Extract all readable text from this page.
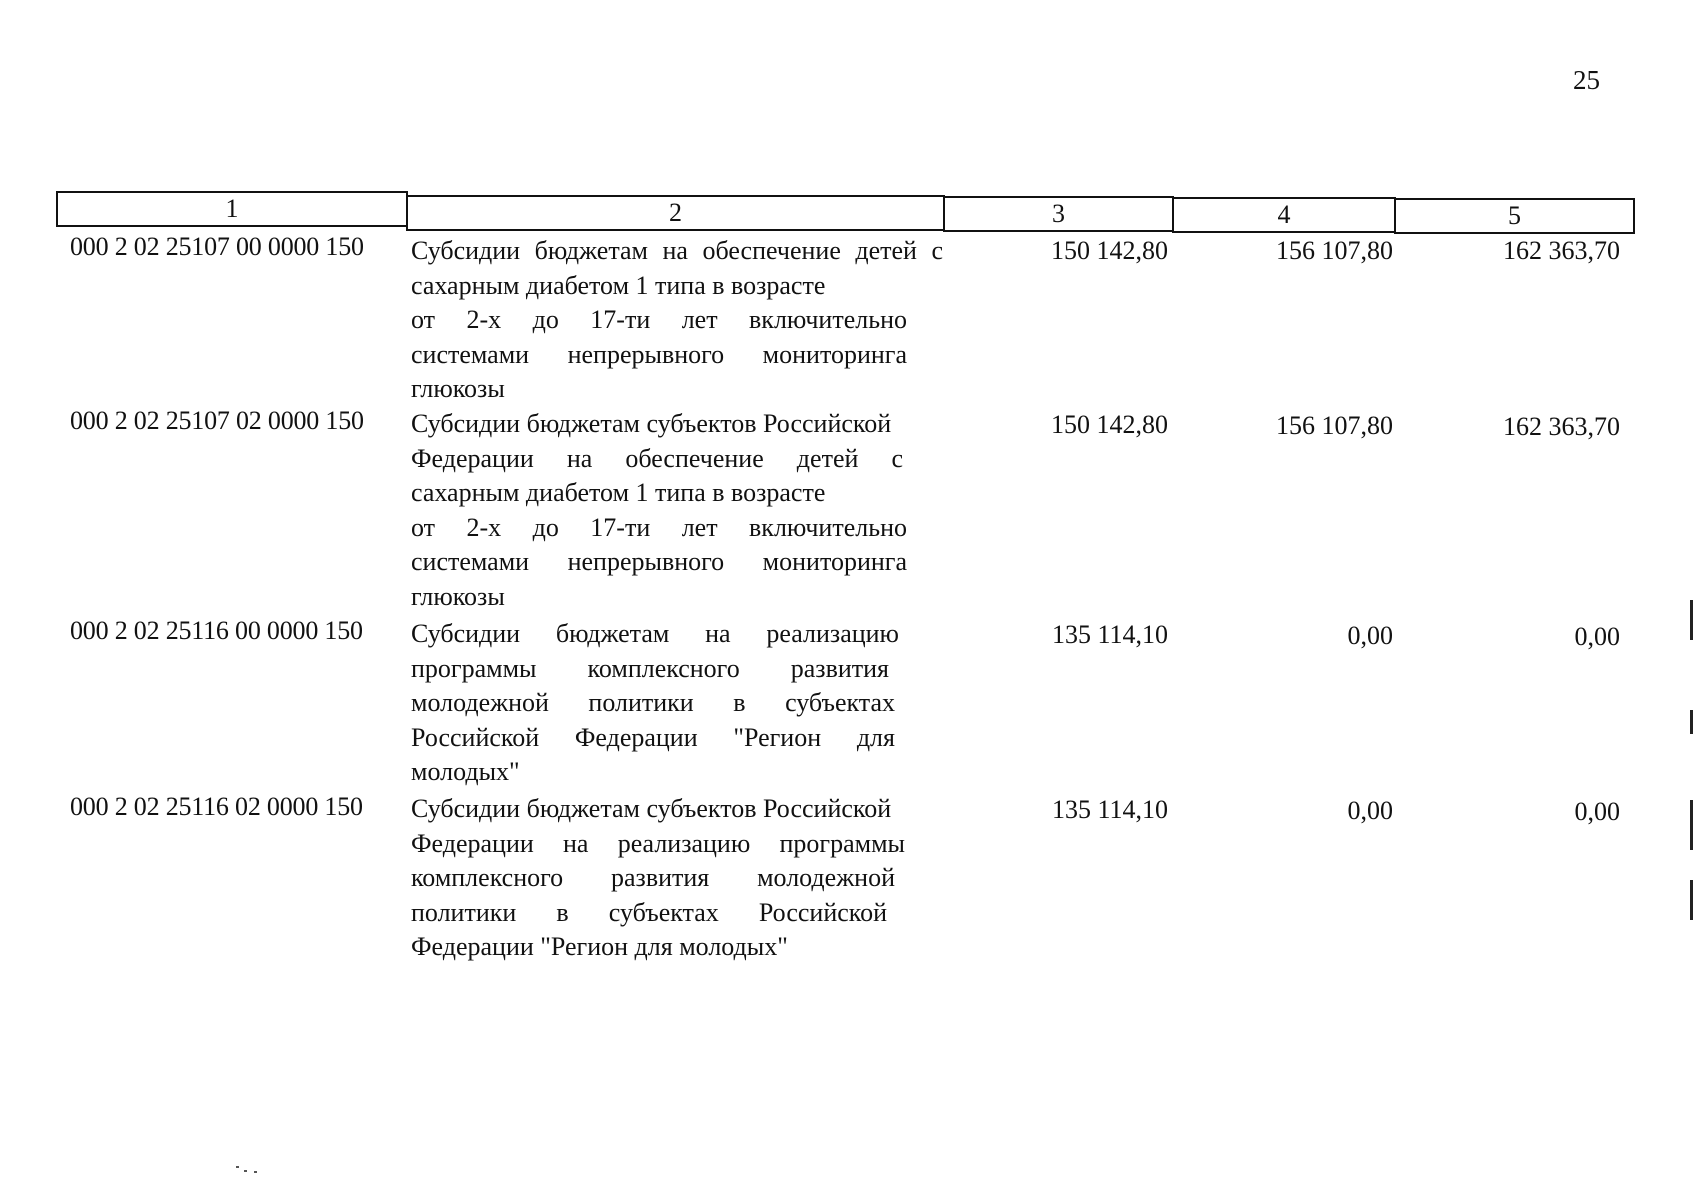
25
1	2	3	4	5
000 2 02 25107 00 0000 150	Субсидии бюджетам на обеспечение детей с
сахарным диабетом 1 типа в возрасте
от 2-х до 17-ти лет включительно
системами непрерывного мониторинга
глюкозы
150 142,80	156 107,80	162 363,70
000 2 02 25107 02 0000 150	Субсидии бюджетам субъектов Российской
Федерации на обеспечение детей с
сахарным диабетом 1 типа в возрасте
от 2-х до 17-ти лет включительно
системами непрерывного мониторинга
глюкозы
150 142,80	156 107,80	162 363,70
000 2 02 25116 00 0000 150	Субсидии бюджетам на реализацию
программы комплексного развития
молодежной политики в субъектах
Российской Федерации "Регион для
молодых"
135 114,10	0,00	0,00
000 2 02 25116 02 0000 150	Субсидии бюджетам субъектов Российской
Федерации на реализацию программы
комплексного развития молодежной
политики в субъектах Российской
Федерации "Регион для молодых"
135 114,10	0,00	0,00
